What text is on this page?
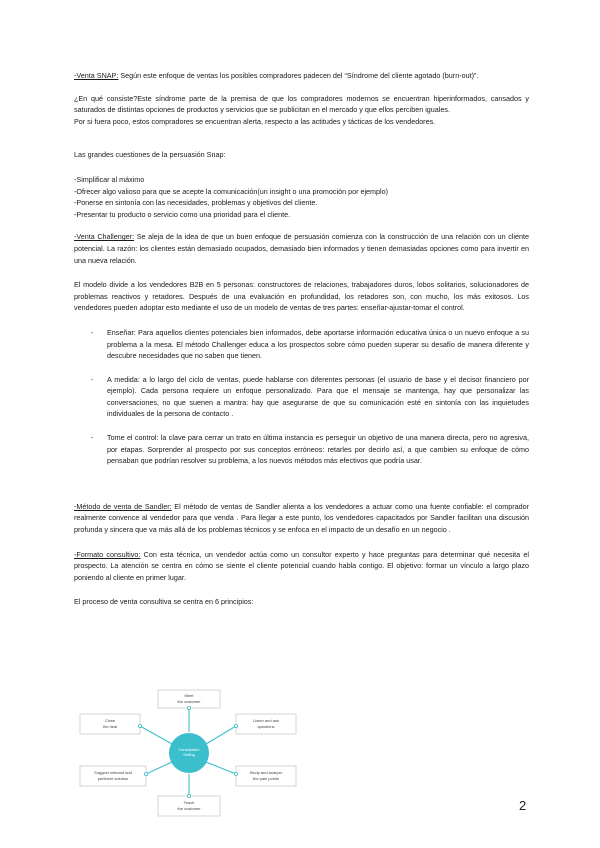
-Venta SNAP: Según este enfoque de ventas los posibles compradores padecen del “Síndrome del cliente agotado (burn-out)”.

¿En qué consiste?Este síndrome parte de la premisa de que los compradores modernos se encuentran hiperinformados, cansados y saturados de distintas opciones de productos y servicios que se publicitan en el mercado y que ellos perciben iguales.

Por si fuera poco, estos compradores se encuentran alerta, respecto a las actitudes y tácticas de los vendedores.

Las grandes cuestiones de la persuasión Snap:

-Simplificar al máximo
-Ofrecer algo valioso para que se acepte la comunicación(un insight o una promoción por ejemplo)
-Ponerse en sintonía con las necesidades, problemas y objetivos del cliente.
-Presentar tu producto o servicio como una prioridad para el cliente.

-Venta Challenger: Se aleja de la idea de que un buen enfoque de persuasión comienza con la construcción de una relación con un cliente potencial. La razón: los clientes están demasiado ocupados, demasiado bien informados y tienen demasiadas opciones como para invertir en una nueva relación.

El modelo divide a los vendedores B2B en 5 personas: constructores de relaciones, trabajadores duros, lobos solitarios, solucionadores de problemas reactivos y retadores. Después de una evaluación en profundidad, los retadores son, con mucho, los más exitosos. Los vendedores pueden adoptar esto mediante el uso de un modelo de ventas de tres partes: enseñar-ajustar-tomar el control.

- Enseñar: Para aquellos clientes potenciales bien informados, debe aportarse información educativa única o un nuevo enfoque a su problema a la mesa. El método Challenger educa a los prospectos sobre cómo pueden superar su desafío de manera diferente y descubre necesidades que no saben que tienen.
- A medida: a lo largo del ciclo de ventas, puede hablarse con diferentes personas (el usuario de base y el decisor financiero por ejemplo). Cada persona requiere un enfoque personalizado. Para que el mensaje se mantenga, hay que personalizar las conversaciones, no que suenen a mantra: hay que asegurarse de que su comunicación esté en sintonía con las inquietudes individuales de la persona de contacto .
- Tome el control: la clave para cerrar un trato en última instancia es perseguir un objetivo de una manera directa, pero no agresiva, por etapas. Sorprender al prospecto por sus conceptos erróneos: retarles por decirlo así, a que cambien su enfoque de cómo pensaban que podrían resolver su problema, a los nuevos métodos más efectivos que podría usar.

-Método de venta de Sandler: El método de ventas de Sandler alienta a los vendedores a actuar como una fuente confiable: el comprador realmente convence al vendedor para que venda . Para llegar a este punto, los vendedores capacitados por Sandler facilitan una discusión profunda y sincera que va más allá de los problemas técnicos y se enfoca en el impacto de un desafío en un negocio .

-Formato consultivo: Con esta técnica, un vendedor actúa como un consultor experto y hace preguntas para determinar qué necesita el prospecto. La atención se centra en cómo se siente el cliente potencial cuando habla contigo. El objetivo: formar un vínculo a largo plazo poniendo al cliente en primer lugar.

El proceso de venta consultiva se centra en 6 principios:

Consultative
Selling
Meet
the customer
Listen and ask
questions
Study and analyze
the pain points
Teach
the customer
Suggest relevant and
pertinent solution
Close
the deal
2
